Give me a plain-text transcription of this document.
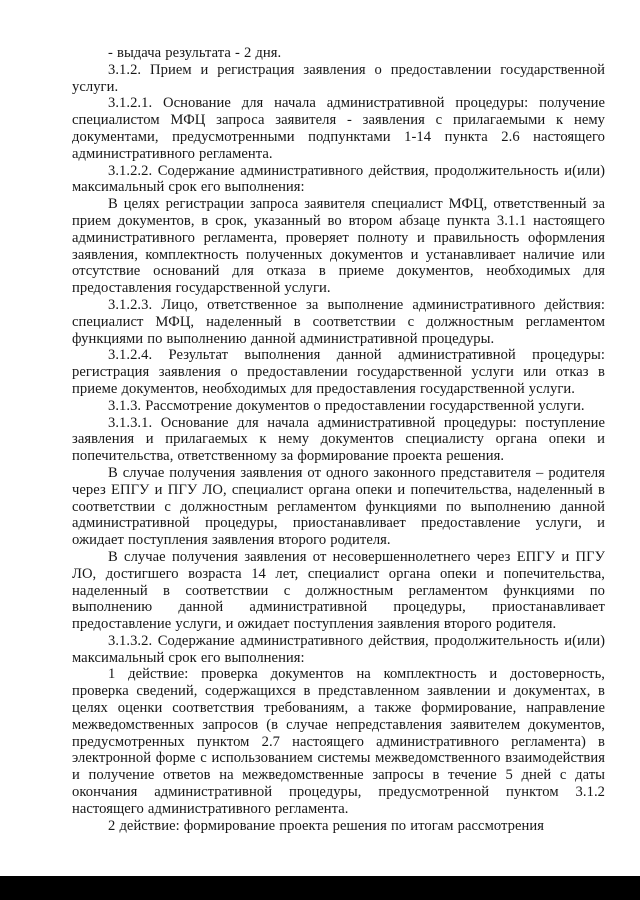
- выдача результата - 2 дня.

3.1.2. Прием и регистрация заявления о предоставлении государственной услуги.

3.1.2.1. Основание для начала административной процедуры: получение специалистом МФЦ запроса заявителя - заявления с прилагаемыми к нему документами, предусмотренными подпунктами 1-14 пункта 2.6 настоящего административного регламента.

3.1.2.2. Содержание административного действия, продолжительность и(или) максимальный срок его выполнения:

В целях регистрации запроса заявителя специалист МФЦ, ответственный за прием документов, в срок, указанный во втором абзаце пункта 3.1.1 настоящего административного регламента, проверяет полноту и правильность оформления заявления, комплектность полученных документов и устанавливает наличие или отсутствие оснований для отказа в приеме документов, необходимых для предоставления государственной услуги.

3.1.2.3. Лицо, ответственное за выполнение административного действия: специалист МФЦ, наделенный в соответствии с должностным регламентом функциями по выполнению данной административной процедуры.

3.1.2.4. Результат выполнения данной административной процедуры: регистрация заявления о предоставлении государственной услуги или отказ в приеме документов, необходимых для предоставления государственной услуги.

3.1.3. Рассмотрение документов о предоставлении государственной услуги.

3.1.3.1. Основание для начала административной процедуры: поступление заявления и прилагаемых к нему документов специалисту органа опеки и попечительства, ответственному за формирование проекта решения.

В случае получения заявления от одного законного представителя – родителя через ЕПГУ и ПГУ ЛО, специалист органа опеки и попечительства, наделенный в соответствии с должностным регламентом функциями по выполнению данной административной процедуры, приостанавливает предоставление услуги, и ожидает поступления заявления второго родителя.

В случае получения заявления от несовершеннолетнего через ЕПГУ и ПГУ ЛО, достигшего возраста 14 лет, специалист органа опеки и попечительства, наделенный в соответствии с должностным регламентом функциями по выполнению данной административной процедуры, приостанавливает предоставление услуги, и ожидает поступления заявления второго родителя.

3.1.3.2. Содержание административного действия, продолжительность и(или) максимальный срок его выполнения:

1 действие: проверка документов на комплектность и достоверность, проверка сведений, содержащихся в представленном заявлении и документах, в целях оценки соответствия требованиям, а также формирование, направление межведомственных запросов (в случае непредставления заявителем документов, предусмотренных пунктом 2.7 настоящего административного регламента) в электронной форме с использованием системы межведомственного взаимодействия и получение ответов на межведомственные запросы в течение 5 дней с даты окончания административной процедуры, предусмотренной пунктом 3.1.2 настоящего административного регламента.

2 действие: формирование проекта решения по итогам рассмотрения
